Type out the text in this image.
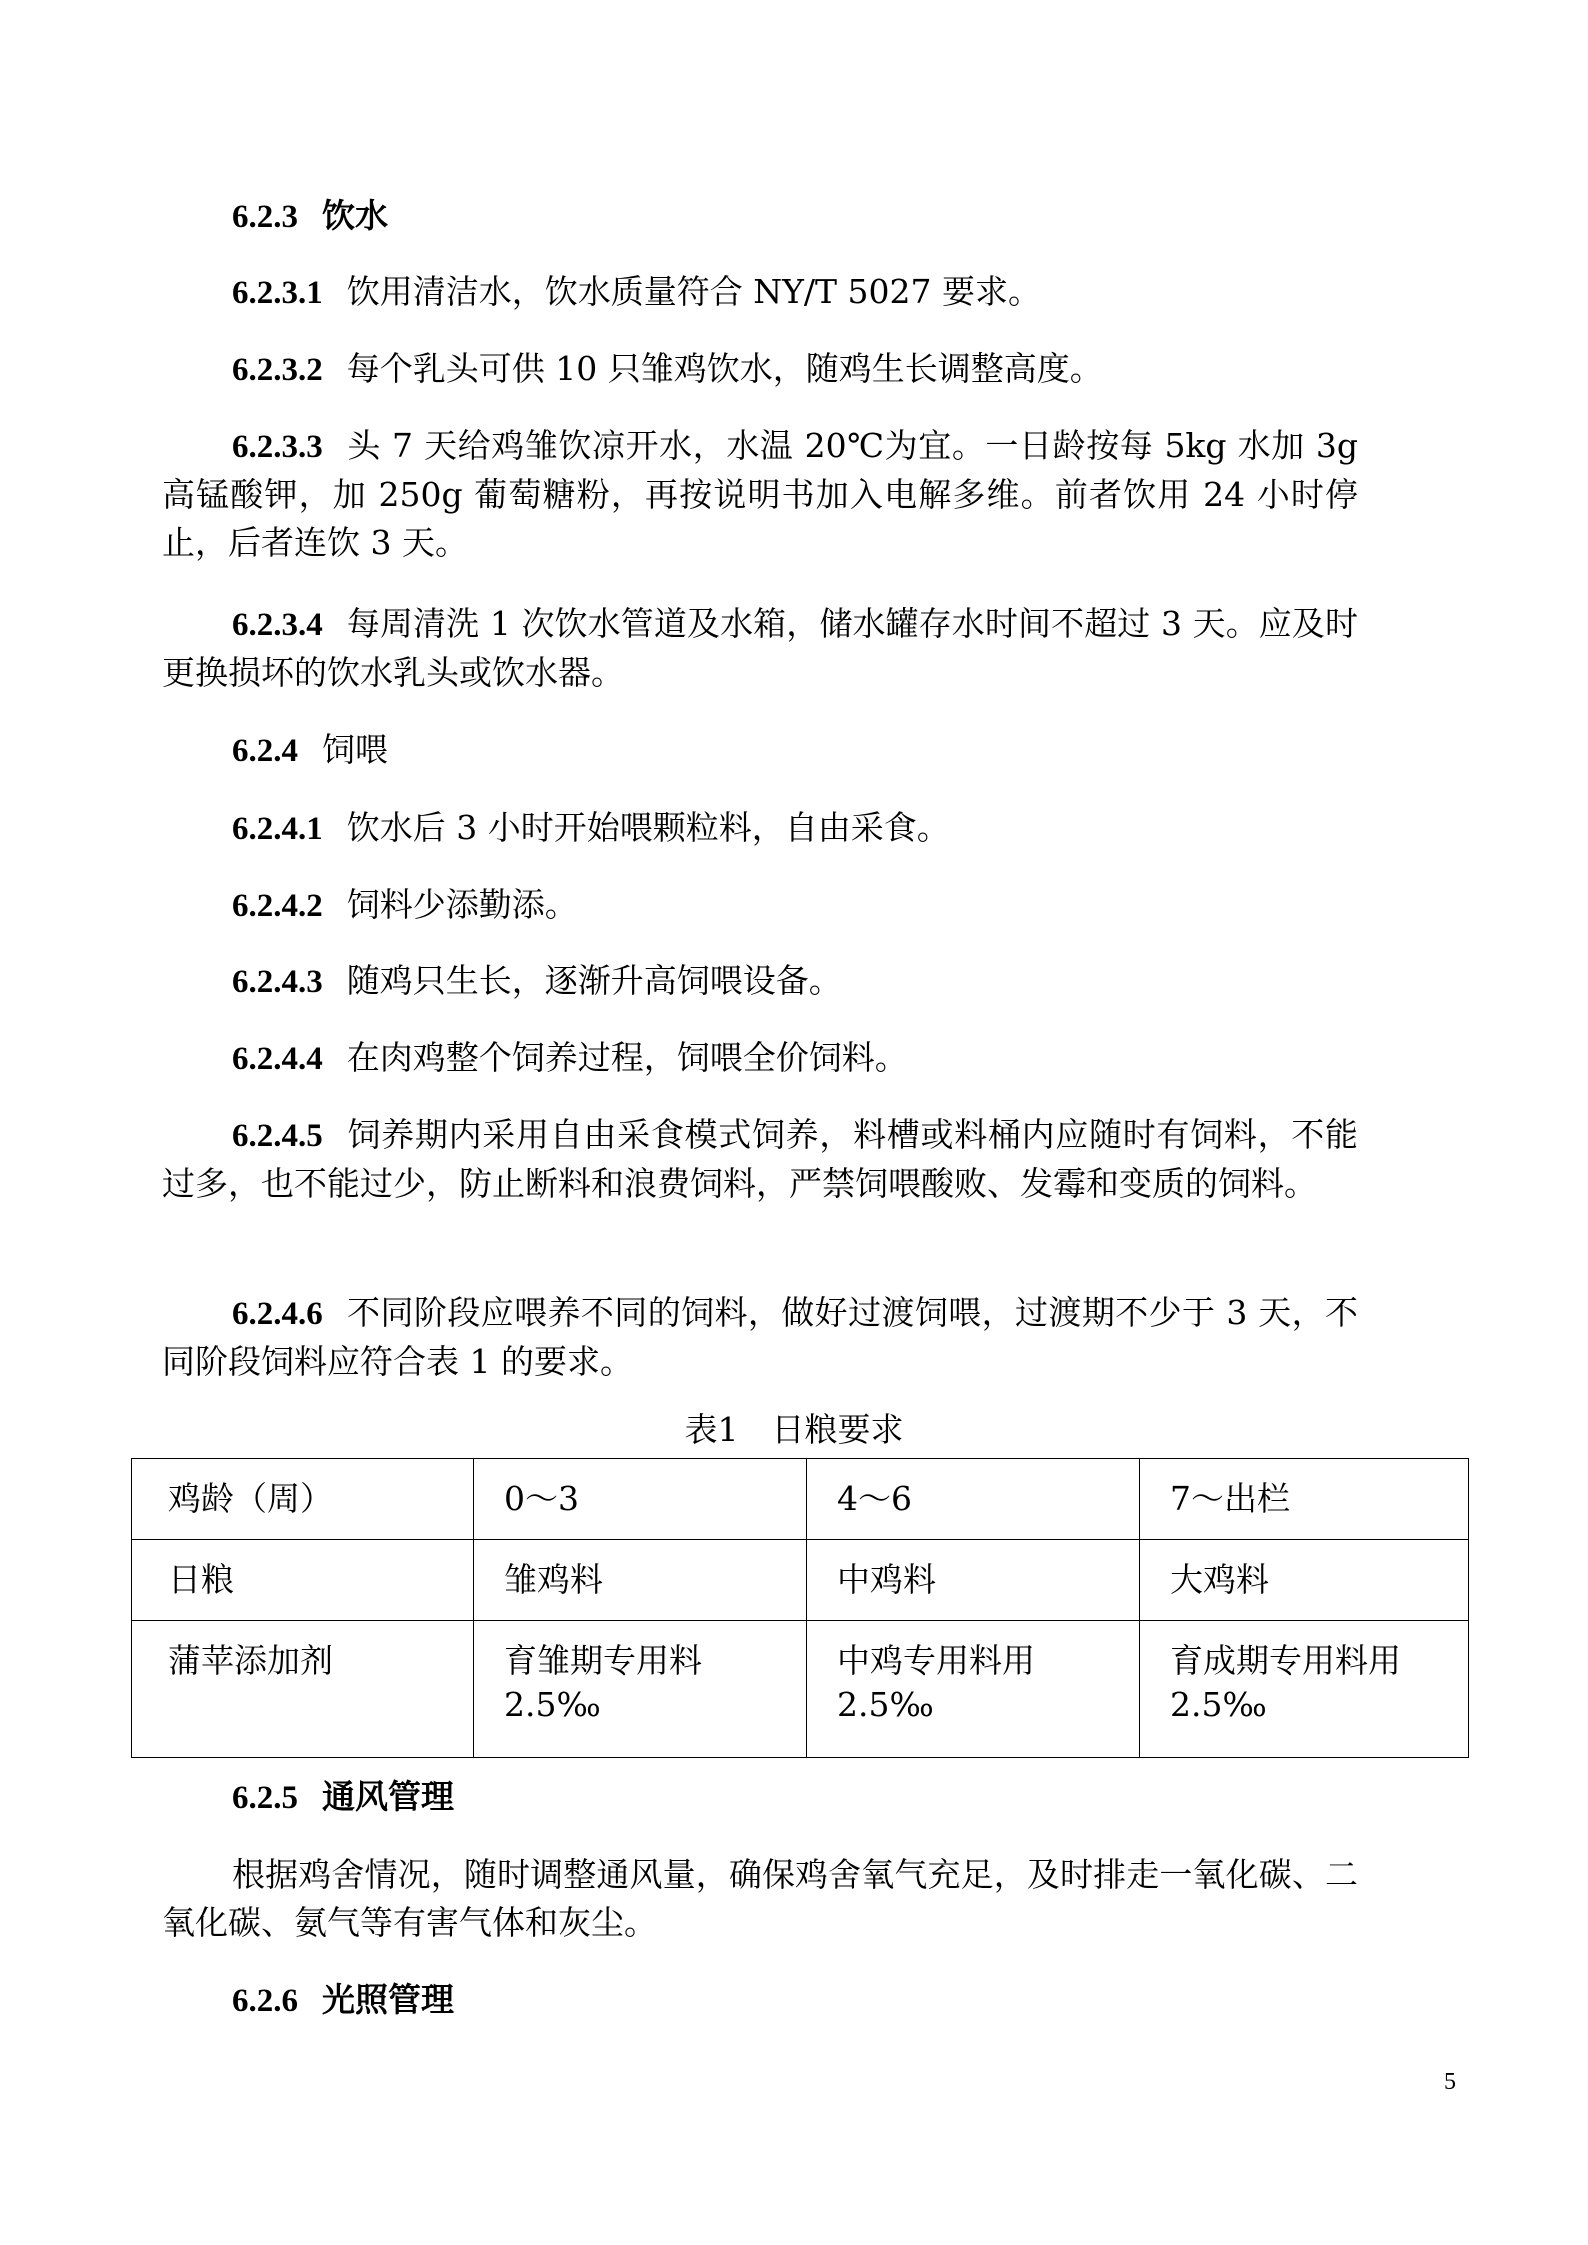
6.2.3 饮水
6.2.3.1 饮用清洁水，饮水质量符合 NY/T 5027 要求。
6.2.3.2 每个乳头可供 10 只雏鸡饮水，随鸡生长调整高度。
6.2.3.3 头 7 天给鸡雏饮凉开水，水温 20℃为宜。一日龄按每 5kg 水加 3g 高锰酸钾，加 250g 葡萄糖粉，再按说明书加入电解多维。前者饮用 24 小时停止，后者连饮 3 天。
6.2.3.4 每周清洗 1 次饮水管道及水箱，储水罐存水时间不超过 3 天。应及时更换损坏的饮水乳头或饮水器。
6.2.4 饲喂
6.2.4.1 饮水后 3 小时开始喂颗粒料，自由采食。
6.2.4.2 饲料少添勤添。
6.2.4.3 随鸡只生长，逐渐升高饲喂设备。
6.2.4.4 在肉鸡整个饲养过程，饲喂全价饲料。
6.2.4.5 饲养期内采用自由采食模式饲养，料槽或料桶内应随时有饲料，不能过多，也不能过少，防止断料和浪费饲料，严禁饲喂酸败、发霉和变质的饲料。
6.2.4.6 不同阶段应喂养不同的饲料，做好过渡饲喂，过渡期不少于 3 天，不同阶段饲料应符合表 1 的要求。
表1　日粮要求
鸡龄（周）	0～3	4～6	7～出栏
日粮	雏鸡料	中鸡料	大鸡料
蒲苹添加剂	育雏期专用料2.5‰	中鸡专用料用2.5‰	育成期专用料用2.5‰
6.2.5 通风管理
根据鸡舍情况，随时调整通风量，确保鸡舍氧气充足，及时排走一氧化碳、二氧化碳、氨气等有害气体和灰尘。
6.2.6 光照管理
5
